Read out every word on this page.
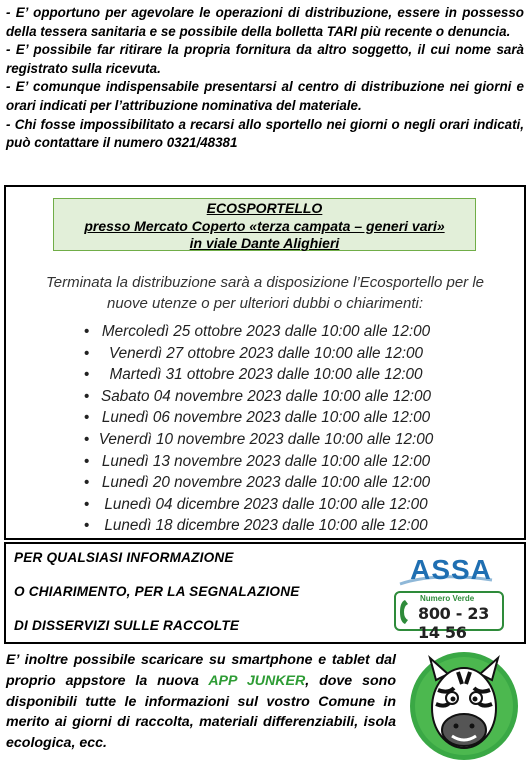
- E’ opportuno per agevolare le operazioni di distribuzione, essere in possesso della tessera sanitaria e se possibile della bolletta TARI più recente o denuncia.

- E’ possibile far ritirare la propria fornitura da altro soggetto, il cui nome sarà registrato sulla ricevuta.

- E’ comunque indispensabile presentarsi al centro di distribuzione nei giorni e orari indicati per l’attribuzione nominativa del materiale.

- Chi fosse impossibilitato a recarsi allo sportello nei giorni o negli orari indicati, può contattare il numero 0321/48381

ECOSPORTELLO
presso Mercato Coperto «terza campata – generi vari»
in viale Dante Alighieri
Terminata la distribuzione sarà a disposizione l’Ecosportello per le
nuove utenze o per ulteriori dubbi o chiarimenti:
• Mercoledì 25 ottobre 2023 dalle 10:00 alle 12:00
• Venerdì 27 ottobre 2023 dalle 10:00 alle 12:00
• Martedì 31 ottobre 2023 dalle 10:00 alle 12:00
• Sabato 04 novembre 2023 dalle 10:00 alle 12:00
• Lunedì 06 novembre 2023 dalle 10:00 alle 12:00
• Venerdì 10 novembre 2023 dalle 10:00 alle 12:00
• Lunedì 13 novembre 2023 dalle 10:00 alle 12:00
• Lunedì 20 novembre 2023 dalle 10:00 alle 12:00
• Lunedì 04 dicembre 2023 dalle 10:00 alle 12:00
• Lunedì 18 dicembre 2023 dalle 10:00 alle 12:00
PER QUALSIASI INFORMAZIONE
O CHIARIMENTO, PER LA SEGNALAZIONE
DI DISSERVIZI SULLE RACCOLTE
ASSA
Numero Verde
800 - 23 14 56
E’ inoltre possibile scaricare su smartphone e tablet dal proprio appstore la nuova APP JUNKER, dove sono disponibili tutte le informazioni sul vostro Comune in merito ai giorni di raccolta, materiali differenziabili, isola ecologica, ecc.
